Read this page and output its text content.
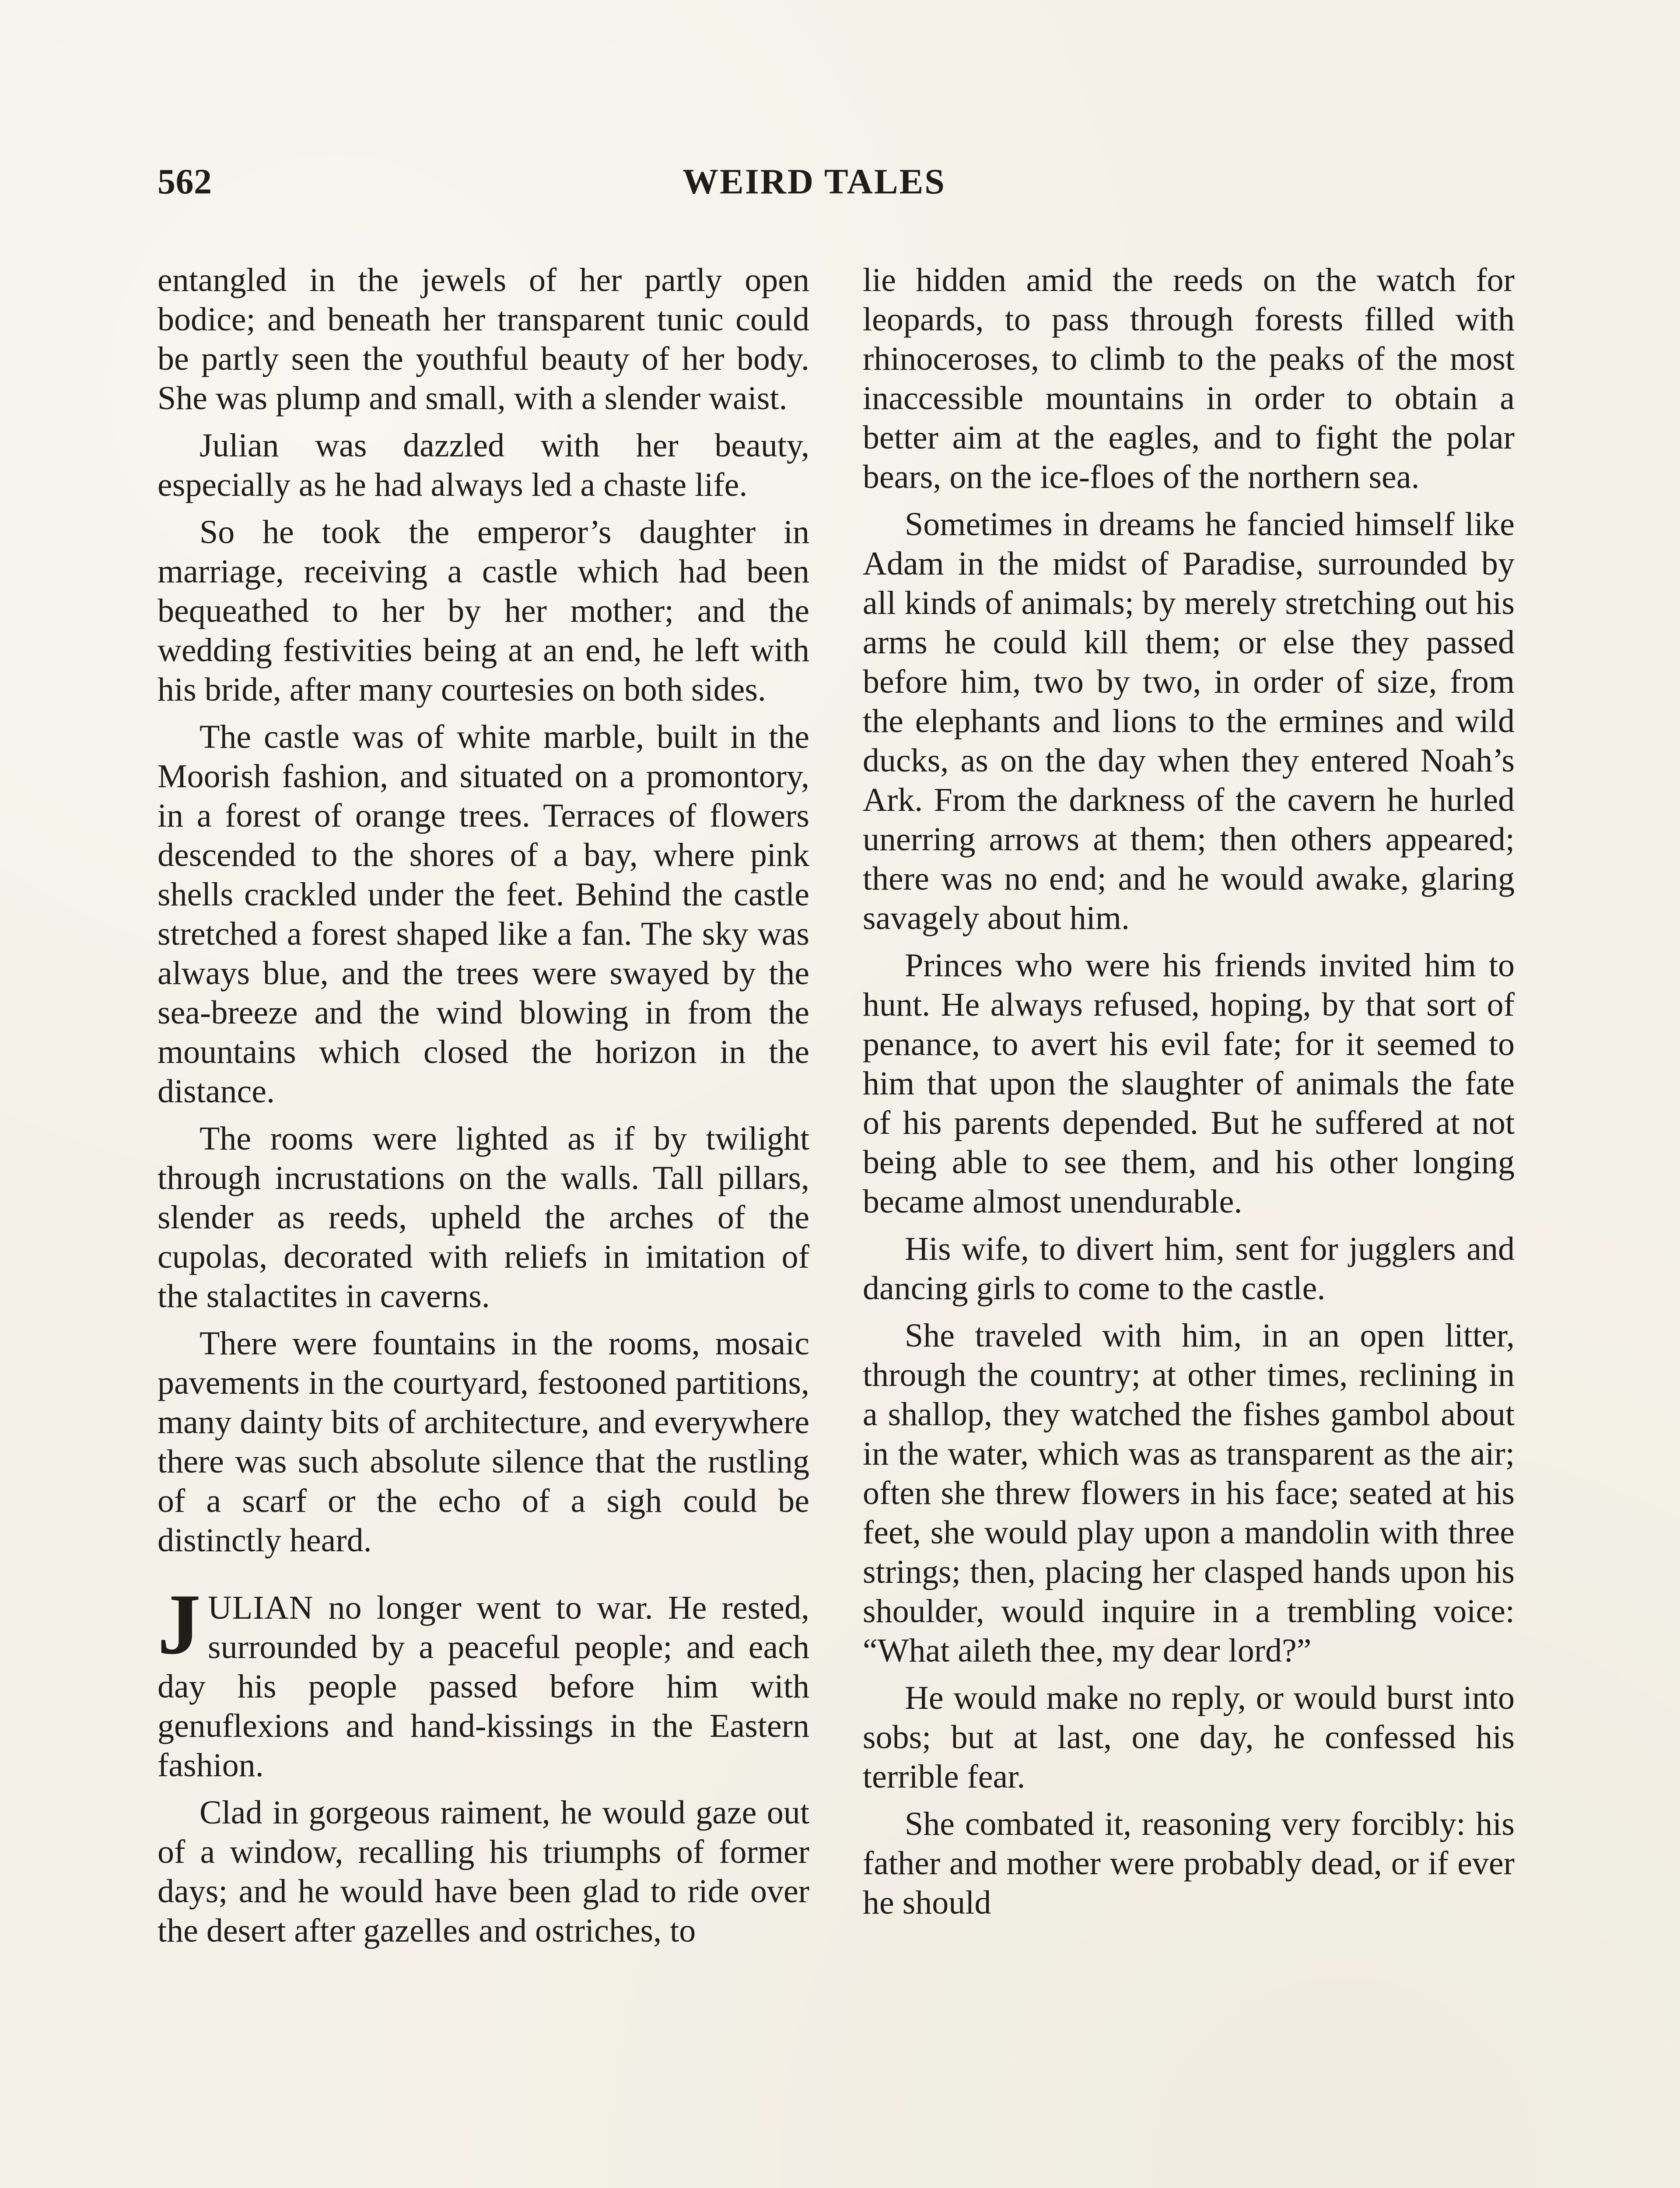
562	WEIRD TALES

entangled in the jewels of her partly open bodice; and beneath her transparent tunic could be partly seen the youthful beauty of her body. She was plump and small, with a slender waist.

Julian was dazzled with her beauty, especially as he had always led a chaste life.

So he took the emperor’s daughter in marriage, receiving a castle which had been bequeathed to her by her mother; and the wedding festivities being at an end, he left with his bride, after many courtesies on both sides.

The castle was of white marble, built in the Moorish fashion, and situated on a promontory, in a forest of orange trees. Terraces of flowers descended to the shores of a bay, where pink shells crackled under the feet. Behind the castle stretched a forest shaped like a fan. The sky was always blue, and the trees were swayed by the sea-breeze and the wind blowing in from the mountains which closed the horizon in the distance.

The rooms were lighted as if by twilight through incrustations on the walls. Tall pillars, slender as reeds, upheld the arches of the cupolas, decorated with reliefs in imitation of the stalactites in caverns.

There were fountains in the rooms, mosaic pavements in the courtyard, festooned partitions, many dainty bits of architecture, and everywhere there was such absolute silence that the rustling of a scarf or the echo of a sigh could be distinctly heard.

J ULIAN no longer went to war. He rested, surrounded by a peaceful people; and each day his people passed before him with genuflexions and hand-kissings in the Eastern fashion.

Clad in gorgeous raiment, he would gaze out of a window, recalling his triumphs of former days; and he would have been glad to ride over the desert after gazelles and ostriches, to

lie hidden amid the reeds on the watch for leopards, to pass through forests filled with rhinoceroses, to climb to the peaks of the most inaccessible mountains in order to obtain a better aim at the eagles, and to fight the polar bears, on the ice-floes of the northern sea.

Sometimes in dreams he fancied himself like Adam in the midst of Paradise, surrounded by all kinds of animals; by merely stretching out his arms he could kill them; or else they passed before him, two by two, in order of size, from the elephants and lions to the ermines and wild ducks, as on the day when they entered Noah’s Ark. From the darkness of the cavern he hurled unerring arrows at them; then others appeared; there was no end; and he would awake, glaring savagely about him.

Princes who were his friends invited him to hunt. He always refused, hoping, by that sort of penance, to avert his evil fate; for it seemed to him that upon the slaughter of animals the fate of his parents depended. But he suffered at not being able to see them, and his other longing became almost unendurable.

His wife, to divert him, sent for jugglers and dancing girls to come to the castle.

She traveled with him, in an open litter, through the country; at other times, reclining in a shallop, they watched the fishes gambol about in the water, which was as transparent as the air; often she threw flowers in his face; seated at his feet, she would play upon a mandolin with three strings; then, placing her clasped hands upon his shoulder, would inquire in a trembling voice: “What aileth thee, my dear lord?”

He would make no reply, or would burst into sobs; but at last, one day, he confessed his terrible fear.

She combated it, reasoning very forcibly: his father and mother were probably dead, or if ever he should
